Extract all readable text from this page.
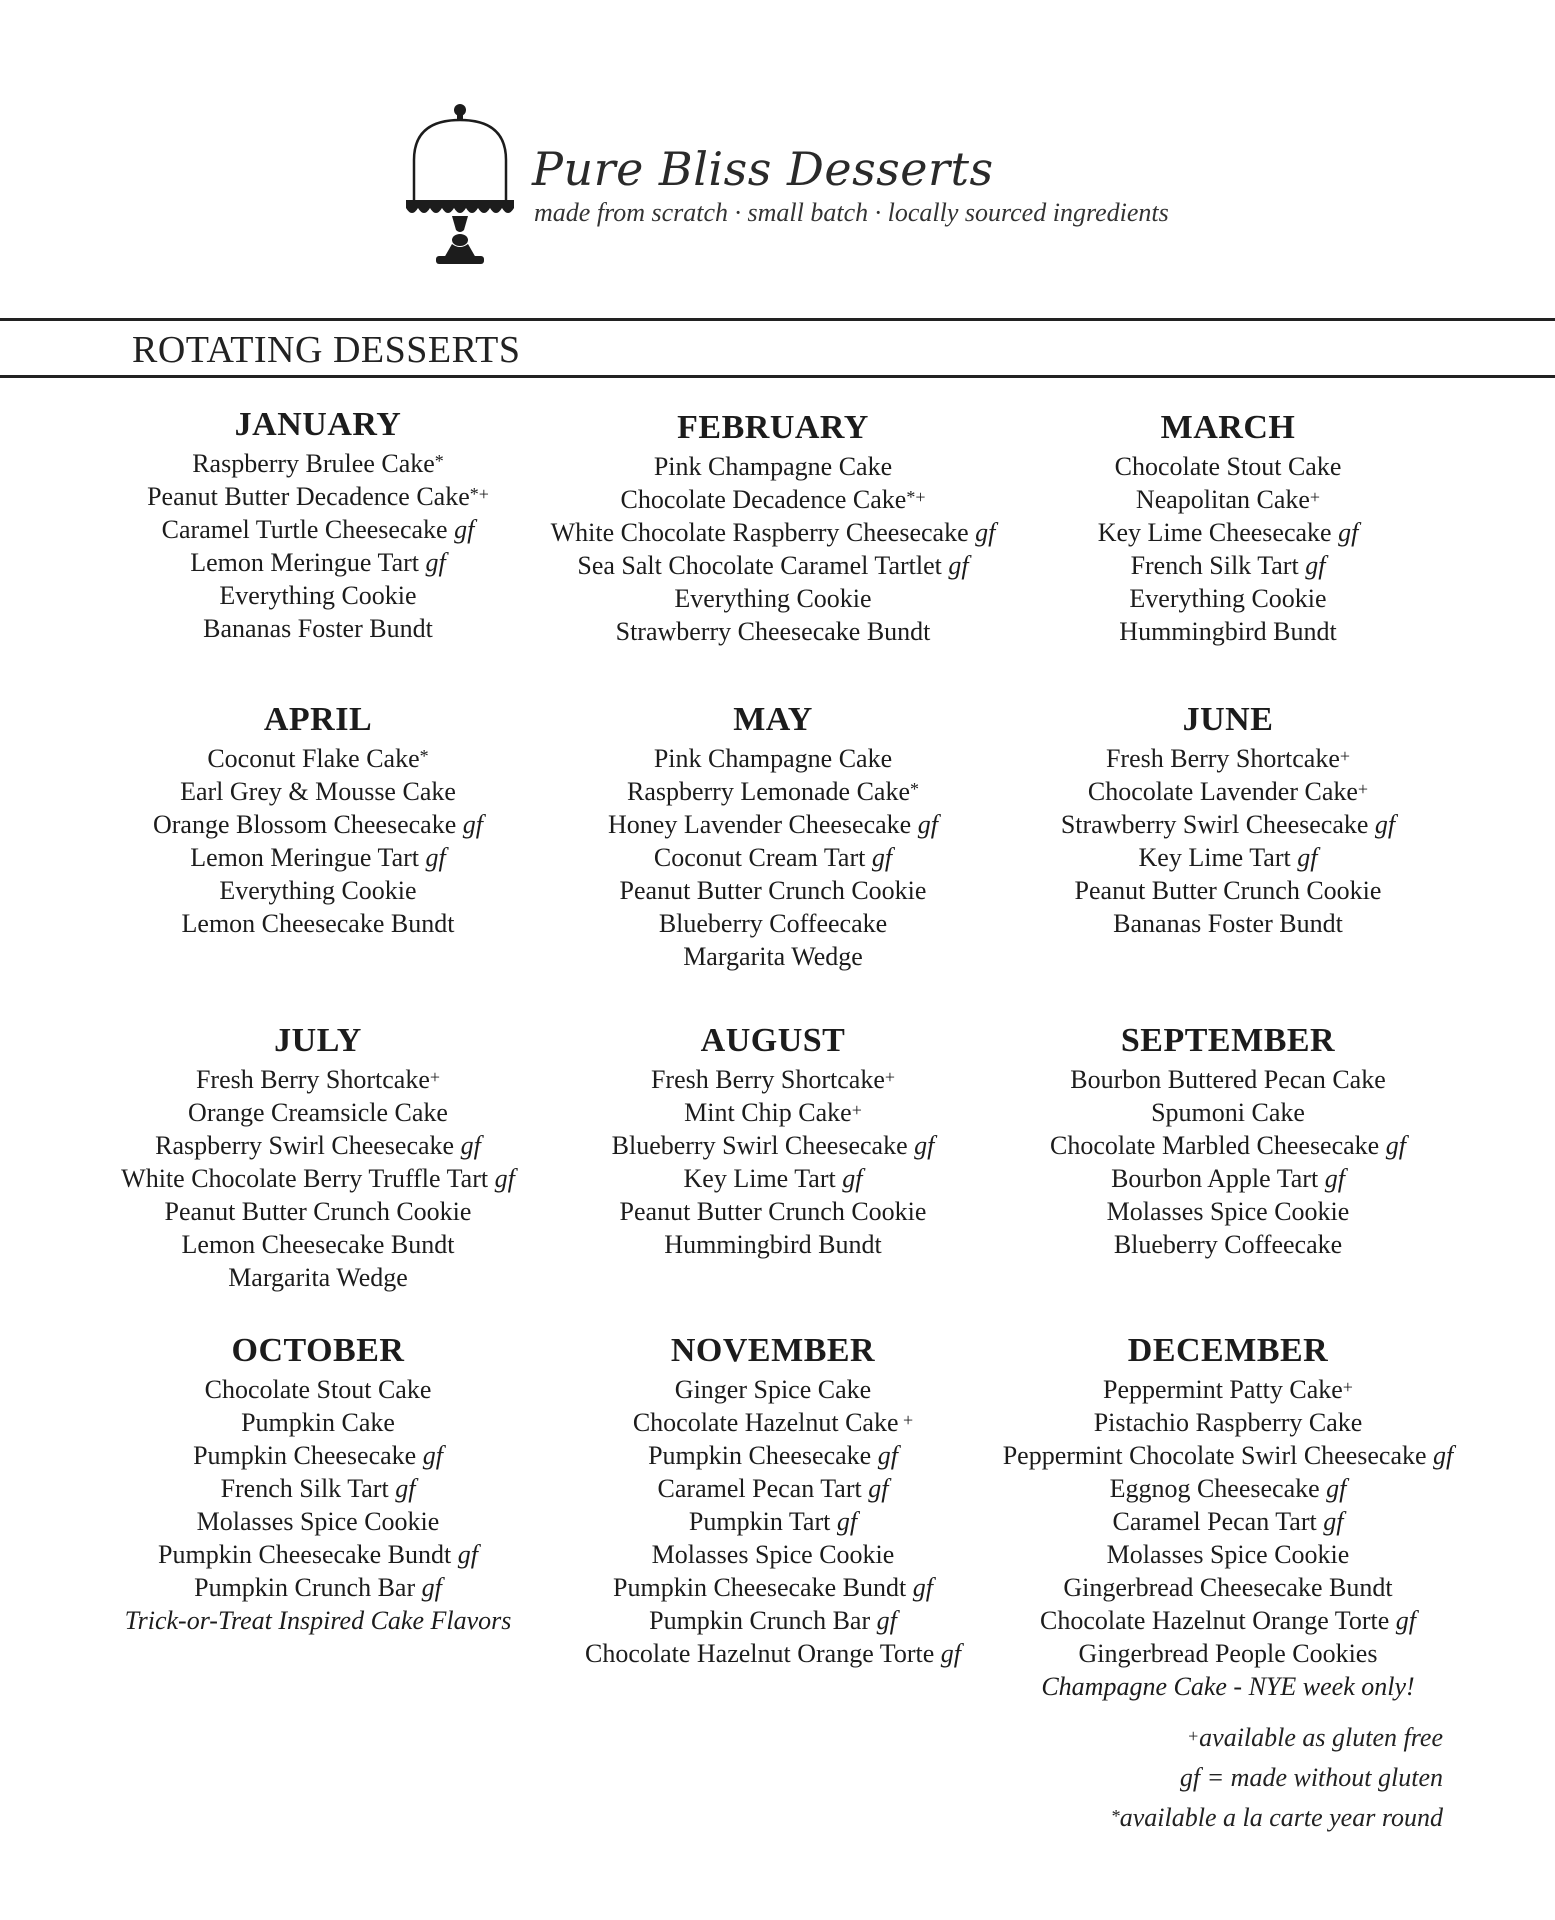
Pure Bliss Desserts
made from scratch · small batch · locally sourced ingredients
ROTATING DESSERTS
JANUARY
Raspberry Brulee Cake*
Peanut Butter Decadence Cake*+
Caramel Turtle Cheesecake gf
Lemon Meringue Tart gf
Everything Cookie
Bananas Foster Bundt
FEBRUARY
Pink Champagne Cake
Chocolate Decadence Cake*+
White Chocolate Raspberry Cheesecake gf
Sea Salt Chocolate Caramel Tartlet gf
Everything Cookie
Strawberry Cheesecake Bundt
MARCH
Chocolate Stout Cake
Neapolitan Cake+
Key Lime Cheesecake gf
French Silk Tart gf
Everything Cookie
Hummingbird Bundt
APRIL
Coconut Flake Cake*
Earl Grey & Mousse Cake
Orange Blossom Cheesecake gf
Lemon Meringue Tart gf
Everything Cookie
Lemon Cheesecake Bundt
MAY
Pink Champagne Cake
Raspberry Lemonade Cake*
Honey Lavender Cheesecake gf
Coconut Cream Tart gf
Peanut Butter Crunch Cookie
Blueberry Coffeecake
Margarita Wedge
JUNE
Fresh Berry Shortcake+
Chocolate Lavender Cake+
Strawberry Swirl Cheesecake gf
Key Lime Tart gf
Peanut Butter Crunch Cookie
Bananas Foster Bundt
JULY
Fresh Berry Shortcake+
Orange Creamsicle Cake
Raspberry Swirl Cheesecake gf
White Chocolate Berry Truffle Tart gf
Peanut Butter Crunch Cookie
Lemon Cheesecake Bundt
Margarita Wedge
AUGUST
Fresh Berry Shortcake+
Mint Chip Cake+
Blueberry Swirl Cheesecake gf
Key Lime Tart gf
Peanut Butter Crunch Cookie
Hummingbird Bundt
SEPTEMBER
Bourbon Buttered Pecan Cake
Spumoni Cake
Chocolate Marbled Cheesecake gf
Bourbon Apple Tart gf
Molasses Spice Cookie
Blueberry Coffeecake
OCTOBER
Chocolate Stout Cake
Pumpkin Cake
Pumpkin Cheesecake gf
French Silk Tart gf
Molasses Spice Cookie
Pumpkin Cheesecake Bundt gf
Pumpkin Crunch Bar gf
Trick-or-Treat Inspired Cake Flavors
NOVEMBER
Ginger Spice Cake
Chocolate Hazelnut Cake +
Pumpkin Cheesecake gf
Caramel Pecan Tart gf
Pumpkin Tart gf
Molasses Spice Cookie
Pumpkin Cheesecake Bundt gf
Pumpkin Crunch Bar gf
Chocolate Hazelnut Orange Torte gf
DECEMBER
Peppermint Patty Cake+
Pistachio Raspberry Cake
Peppermint Chocolate Swirl Cheesecake gf
Eggnog Cheesecake gf
Caramel Pecan Tart gf
Molasses Spice Cookie
Gingerbread Cheesecake Bundt
Chocolate Hazelnut Orange Torte gf
Gingerbread People Cookies
Champagne Cake - NYE week only!
+available as gluten free
gf = made without gluten
*available a la carte year round
